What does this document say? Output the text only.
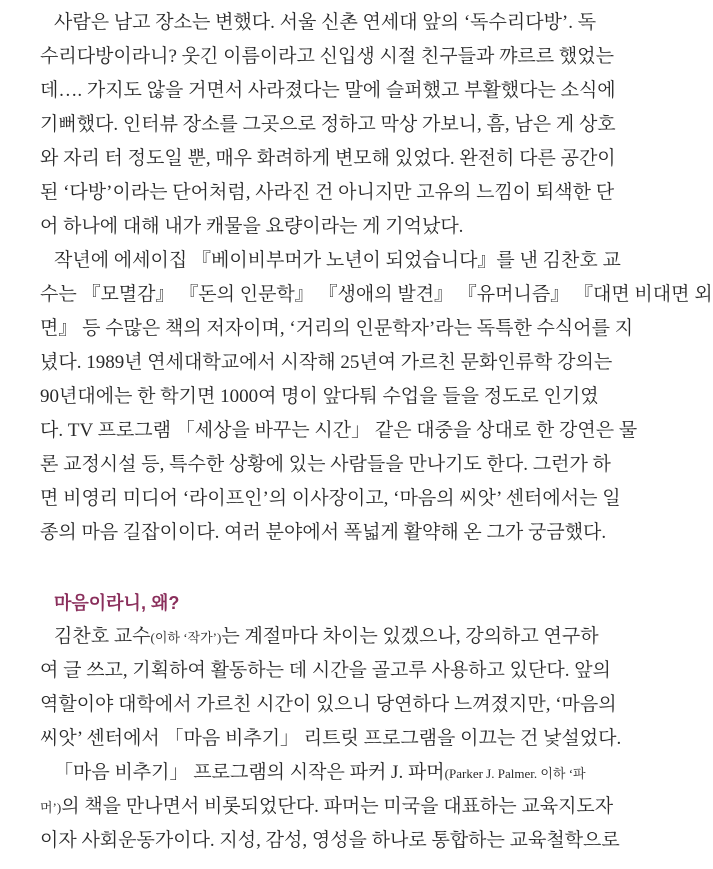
사람은 남고 장소는 변했다. 서울 신촌 연세대 앞의 ‘독수리다방’. 독
수리다방이라니? 웃긴 이름이라고 신입생 시절 친구들과 꺄르르 했었는
데…. 가지도 않을 거면서 사라졌다는 말에 슬퍼했고 부활했다는 소식에
기뻐했다. 인터뷰 장소를 그곳으로 정하고 막상 가보니, 흠, 남은 게 상호
와 자리 터 정도일 뿐, 매우 화려하게 변모해 있었다. 완전히 다른 공간이
된 ‘다방’이라는 단어처럼, 사라진 건 아니지만 고유의 느낌이 퇴색한 단
어 하나에 대해 내가 캐물을 요량이라는 게 기억났다.
작년에 에세이집 『베이비부머가 노년이 되었습니다』를 낸 김찬호 교
수는 『모멸감』 『돈의 인문학』 『생애의 발견』 『유머니즘』 『대면 비대면 외
면』 등 수많은 책의 저자이며, ‘거리의 인문학자’라는 독특한 수식어를 지
녔다. 1989년 연세대학교에서 시작해 25년여 가르친 문화인류학 강의는
90년대에는 한 학기면 1000여 명이 앞다퉈 수업을 들을 정도로 인기였
다. TV 프로그램 「세상을 바꾸는 시간」 같은 대중을 상대로 한 강연은 물
론 교정시설 등, 특수한 상황에 있는 사람들을 만나기도 한다. 그런가 하
면 비영리 미디어 ‘라이프인’의 이사장이고, ‘마음의 씨앗’ 센터에서는 일
종의 마음 길잡이이다. 여러 분야에서 폭넓게 활약해 온 그가 궁금했다.
마음이라니, 왜?
김찬호 교수(이하 ‘작가’)는 계절마다 차이는 있겠으나, 강의하고 연구하
여 글 쓰고, 기획하여 활동하는 데 시간을 골고루 사용하고 있단다. 앞의
역할이야 대학에서 가르친 시간이 있으니 당연하다 느껴졌지만, ‘마음의
씨앗’ 센터에서 「마음 비추기」 리트릿 프로그램을 이끄는 건 낯설었다.
「마음 비추기」 프로그램의 시작은 파커 J. 파머(Parker J. Palmer. 이하 ‘파
머’)의 책을 만나면서 비롯되었단다. 파머는 미국을 대표하는 교육지도자
이자 사회운동가이다. 지성, 감성, 영성을 하나로 통합하는 교육철학으로
